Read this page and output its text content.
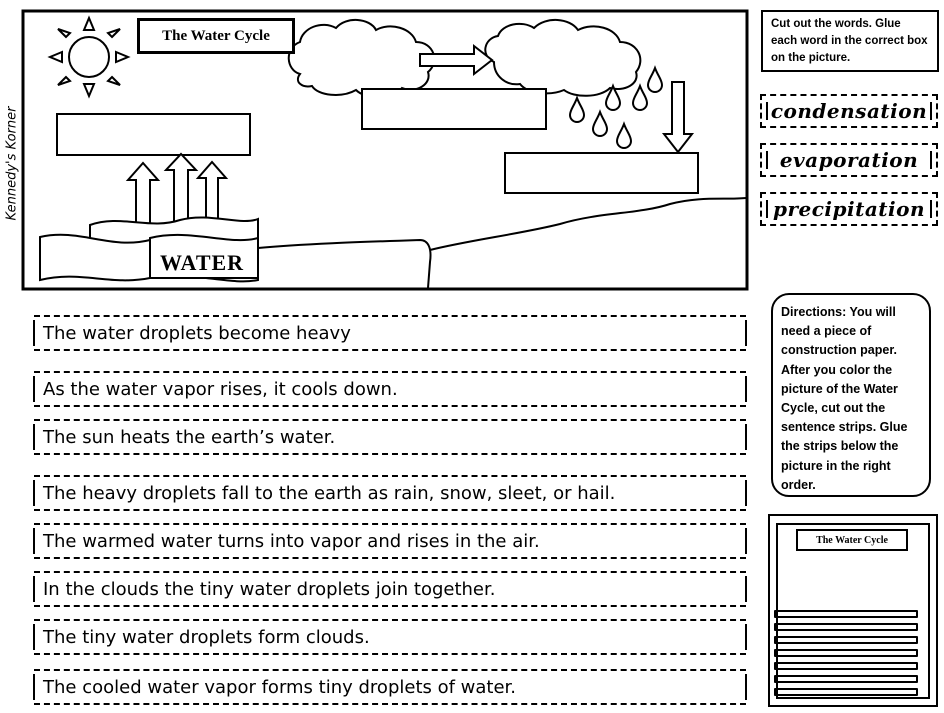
Kennedy's Korner
The Water Cycle
WATER
Cut out the words. Glue each word in the correct box on the picture.
condensation
evaporation
precipitation
The water droplets become heavy
As the water vapor rises, it cools down.
The sun heats the earth’s water.
The heavy droplets fall to the earth as rain, snow, sleet, or hail.
The warmed water turns into vapor and rises in the air.
In the clouds the tiny water droplets join together.
The tiny water droplets form clouds.
The cooled water vapor forms tiny droplets of water.
Directions: You will need a piece of construction paper. After you color the picture of the Water Cycle, cut out the sentence strips. Glue the strips below the picture in the right order.
The Water Cycle
